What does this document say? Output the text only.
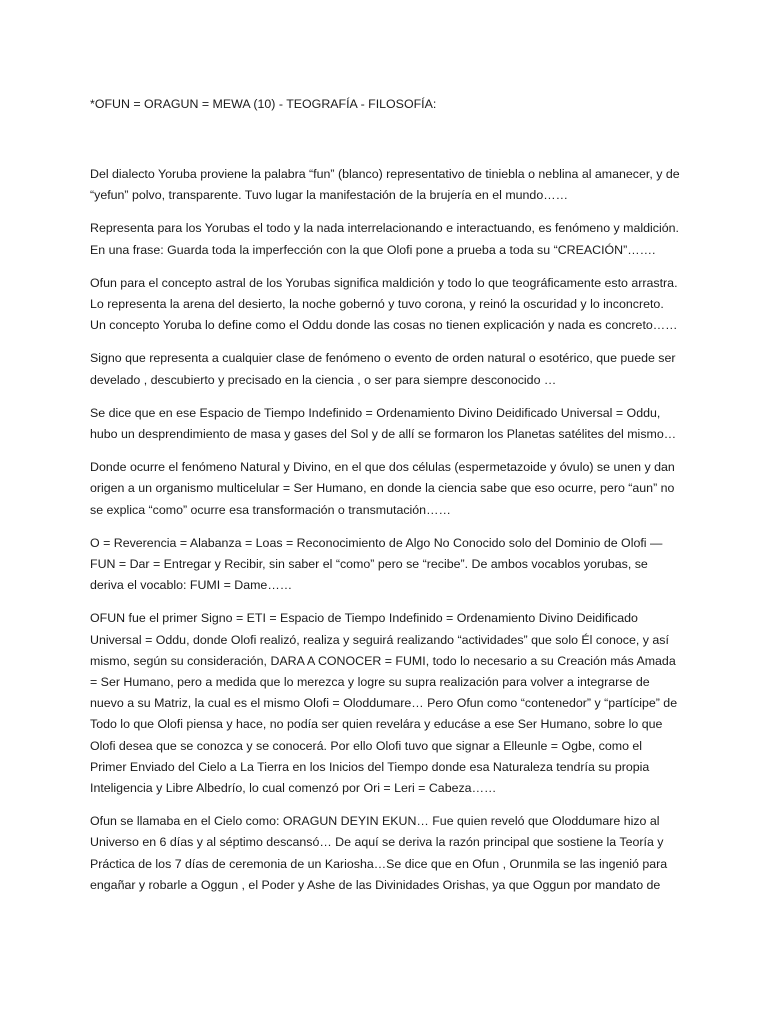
*OFUN = ORAGUN = MEWA (10) - TEOGRAFÍA - FILOSOFÍA:

Del dialecto Yoruba proviene la palabra “fun” (blanco) representativo de tiniebla o neblina al amanecer, y de “yefun” polvo, transparente. Tuvo lugar la manifestación de la brujería en el mundo……

Representa para los Yorubas el todo y la nada interrelacionando e interactuando, es fenómeno y maldición. En una frase: Guarda toda la imperfección con la que Olofi pone a prueba a toda su “CREACIÓN”…….

Ofun para el concepto astral de los Yorubas significa maldición y todo lo que teográficamente esto arrastra. Lo representa la arena del desierto, la noche gobernó y tuvo corona, y reinó la oscuridad y lo inconcreto. Un concepto Yoruba lo define como el Oddu donde las cosas no tienen explicación y nada es concreto……

Signo que representa a cualquier clase de fenómeno o evento de orden natural o esotérico, que puede ser develado , descubierto y precisado en la ciencia , o ser para siempre desconocido …

Se dice que en ese Espacio de Tiempo Indefinido = Ordenamiento Divino Deidificado Universal = Oddu, hubo un desprendimiento de masa y gases del Sol y de allí se formaron los Planetas satélites del mismo…

Donde ocurre el fenómeno Natural y Divino, en el que dos células (espermetazoide y óvulo) se unen y dan origen a un organismo multicelular = Ser Humano, en donde la ciencia sabe que eso ocurre, pero “aun” no se explica “como” ocurre esa transformación o transmutación……

O = Reverencia = Alabanza = Loas = Reconocimiento de Algo No Conocido solo del Dominio de Olofi — FUN = Dar = Entregar y Recibir, sin saber el “como” pero se “recibe”. De ambos vocablos yorubas, se deriva el vocablo: FUMI = Dame……

OFUN fue el primer Signo = ETI = Espacio de Tiempo Indefinido = Ordenamiento Divino Deidificado Universal = Oddu, donde Olofi realizó, realiza y seguirá realizando “actividades” que solo Él conoce, y así mismo, según su consideración, DARA A CONOCER = FUMI, todo lo necesario a su Creación más Amada = Ser Humano, pero a medida que lo merezca y logre su supra realización para volver a integrarse de nuevo a su Matriz, la cual es el mismo Olofi = Oloddumare… Pero Ofun como “contenedor” y “partícipe” de Todo lo que Olofi piensa y hace, no podía ser quien revelára y educáse a ese Ser Humano, sobre lo que Olofi desea que se conozca y se conocerá. Por ello Olofi tuvo que signar a Elleunle = Ogbe, como el Primer Enviado del Cielo a La Tierra en los Inicios del Tiempo donde esa Naturaleza tendría su propia Inteligencia y Libre Albedrío, lo cual comenzó por Ori = Leri = Cabeza……

Ofun se llamaba en el Cielo como: ORAGUN DEYIN EKUN… Fue quien reveló que Oloddumare hizo al Universo en 6 días y al séptimo descansó… De aquí se deriva la razón principal que sostiene la Teoría y Práctica de los 7 días de ceremonia de un Kariosha…Se dice que en Ofun , Orunmila se las ingenió para engañar y robarle a Oggun , el Poder y Ashe de las Divinidades Orishas, ya que Oggun por mandato de
